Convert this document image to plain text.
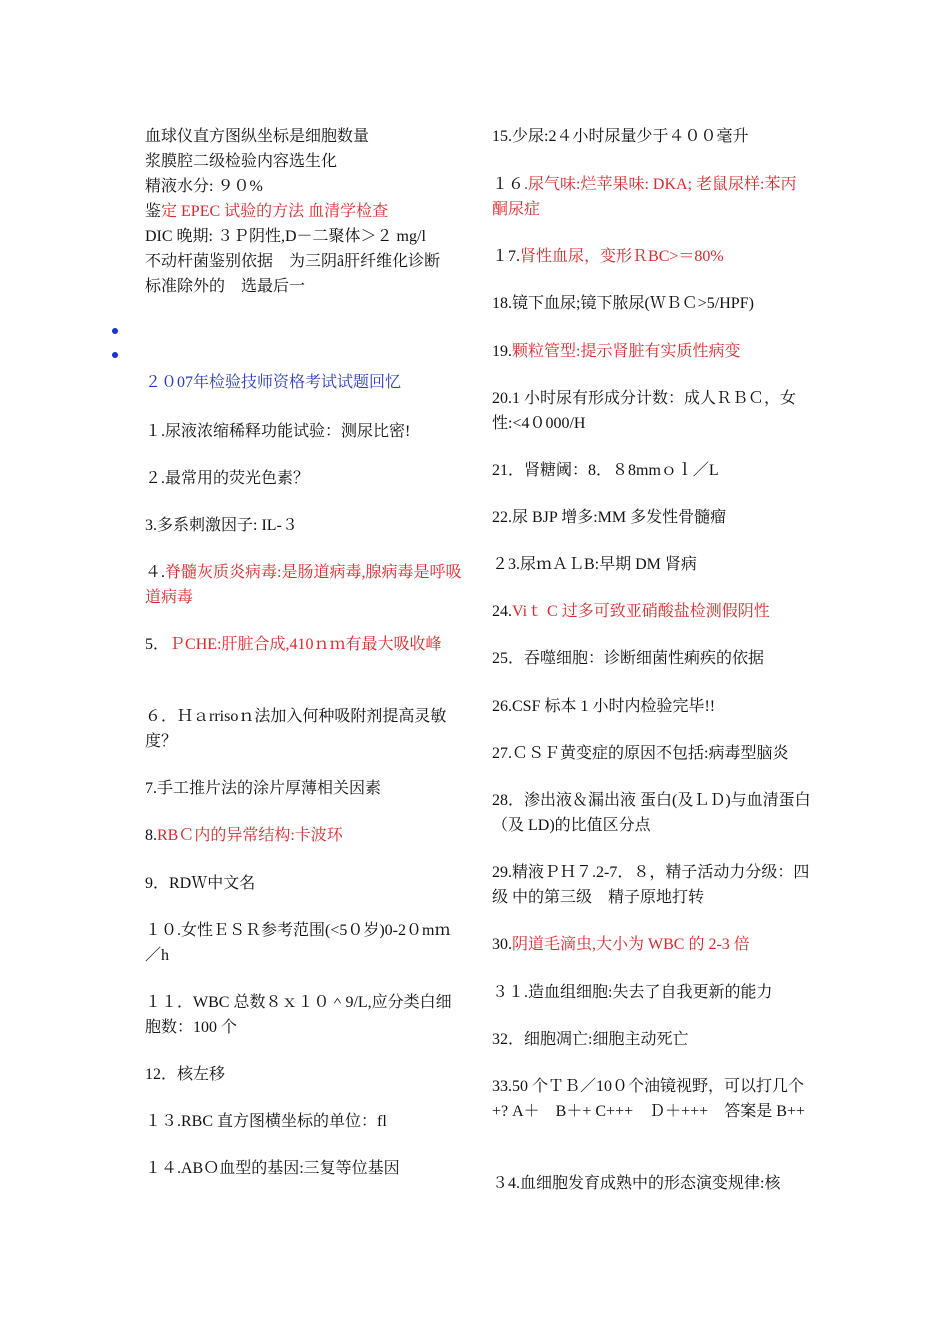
血球仪直方图纵坐标是细胞数量
浆膜腔二级检验内容选生化
精液水分: ９０%
鉴定 EPEC 试验的方法 血清学检查
DIC 晚期: ３Ｐ阴性,D－二聚体＞２ mg/l
不动杆菌鉴别依据　为三阴ȃ肝纤维化诊断
标准除外的　选最后一
２０07年检验技师资格考试试题回忆
１.尿液浓缩稀释功能试验：测尿比密!
２.最常用的荧光色素？
3.多系刺激因子: IL-３
４.脊髓灰质炎病毒:是肠道病毒,腺病毒是呼吸道病毒
5．ＰCHE:肝脏合成,410ｎｍ有最大吸收峰
６．Ｈａrrisoｎ法加入何种吸附剂提高灵敏度？
7.手工推片法的涂片厚薄相关因素
8.RBＣ内的异常结构:卡波环
9．RDＷ中文名
１０.女性ＥＳＲ参考范围(<5０岁)0-2０mｍ／h
１１．WBC 总数８ｘ１０＾9/L,应分类白细胞数：100 个
12．核左移
１３.RBC 直方图横坐标的单位：fl
１４.ABＯ血型的基因:三复等位基因
15.少尿:2４小时尿量少于４００毫升
１６.尿气味:烂苹果味: DKA; 老鼠尿样:苯丙酮尿症
１7.肾性血尿，变形ＲBC>＝80%
18.镜下血尿;镜下脓尿(ＷＢＣ>5/HPF)
19.颗粒管型:提示肾脏有实质性病变
20.1 小时尿有形成分计数：成人ＲＢＣ，女性:<4０000/H
21．肾糖阈：8．８8mmｏｌ／L
22.尿 BJP 增多:MM 多发性骨髓瘤
２3.尿ｍＡＬB:早期 DM 肾病
24.Viｔ C 过多可致亚硝酸盐检测假阴性
25．吞噬细胞：诊断细菌性痢疾的依据
26.CSF 标本 1 小时内检验完毕!!
27.ＣＳＦ黄变症的原因不包括:病毒型脑炎
28．渗出液＆漏出液 蛋白(及ＬＤ)与血清蛋白（及 LD)的比值区分点
29.精液ＰＨ７.2-7．８，精子活动力分级：四级 中的第三级　精子原地打转
30.阴道毛滴虫,大小为 WBC 的 2-3 倍
３１.造血组细胞:失去了自我更新的能力
32．细胞凋亡:细胞主动死亡
33.50 个ＴＢ／10０个油镜视野，可以打几个+? A＋　B＋+ C+++　Ｄ＋+++　答案是 B++
３4.血细胞发育成熟中的形态演变规律:核
